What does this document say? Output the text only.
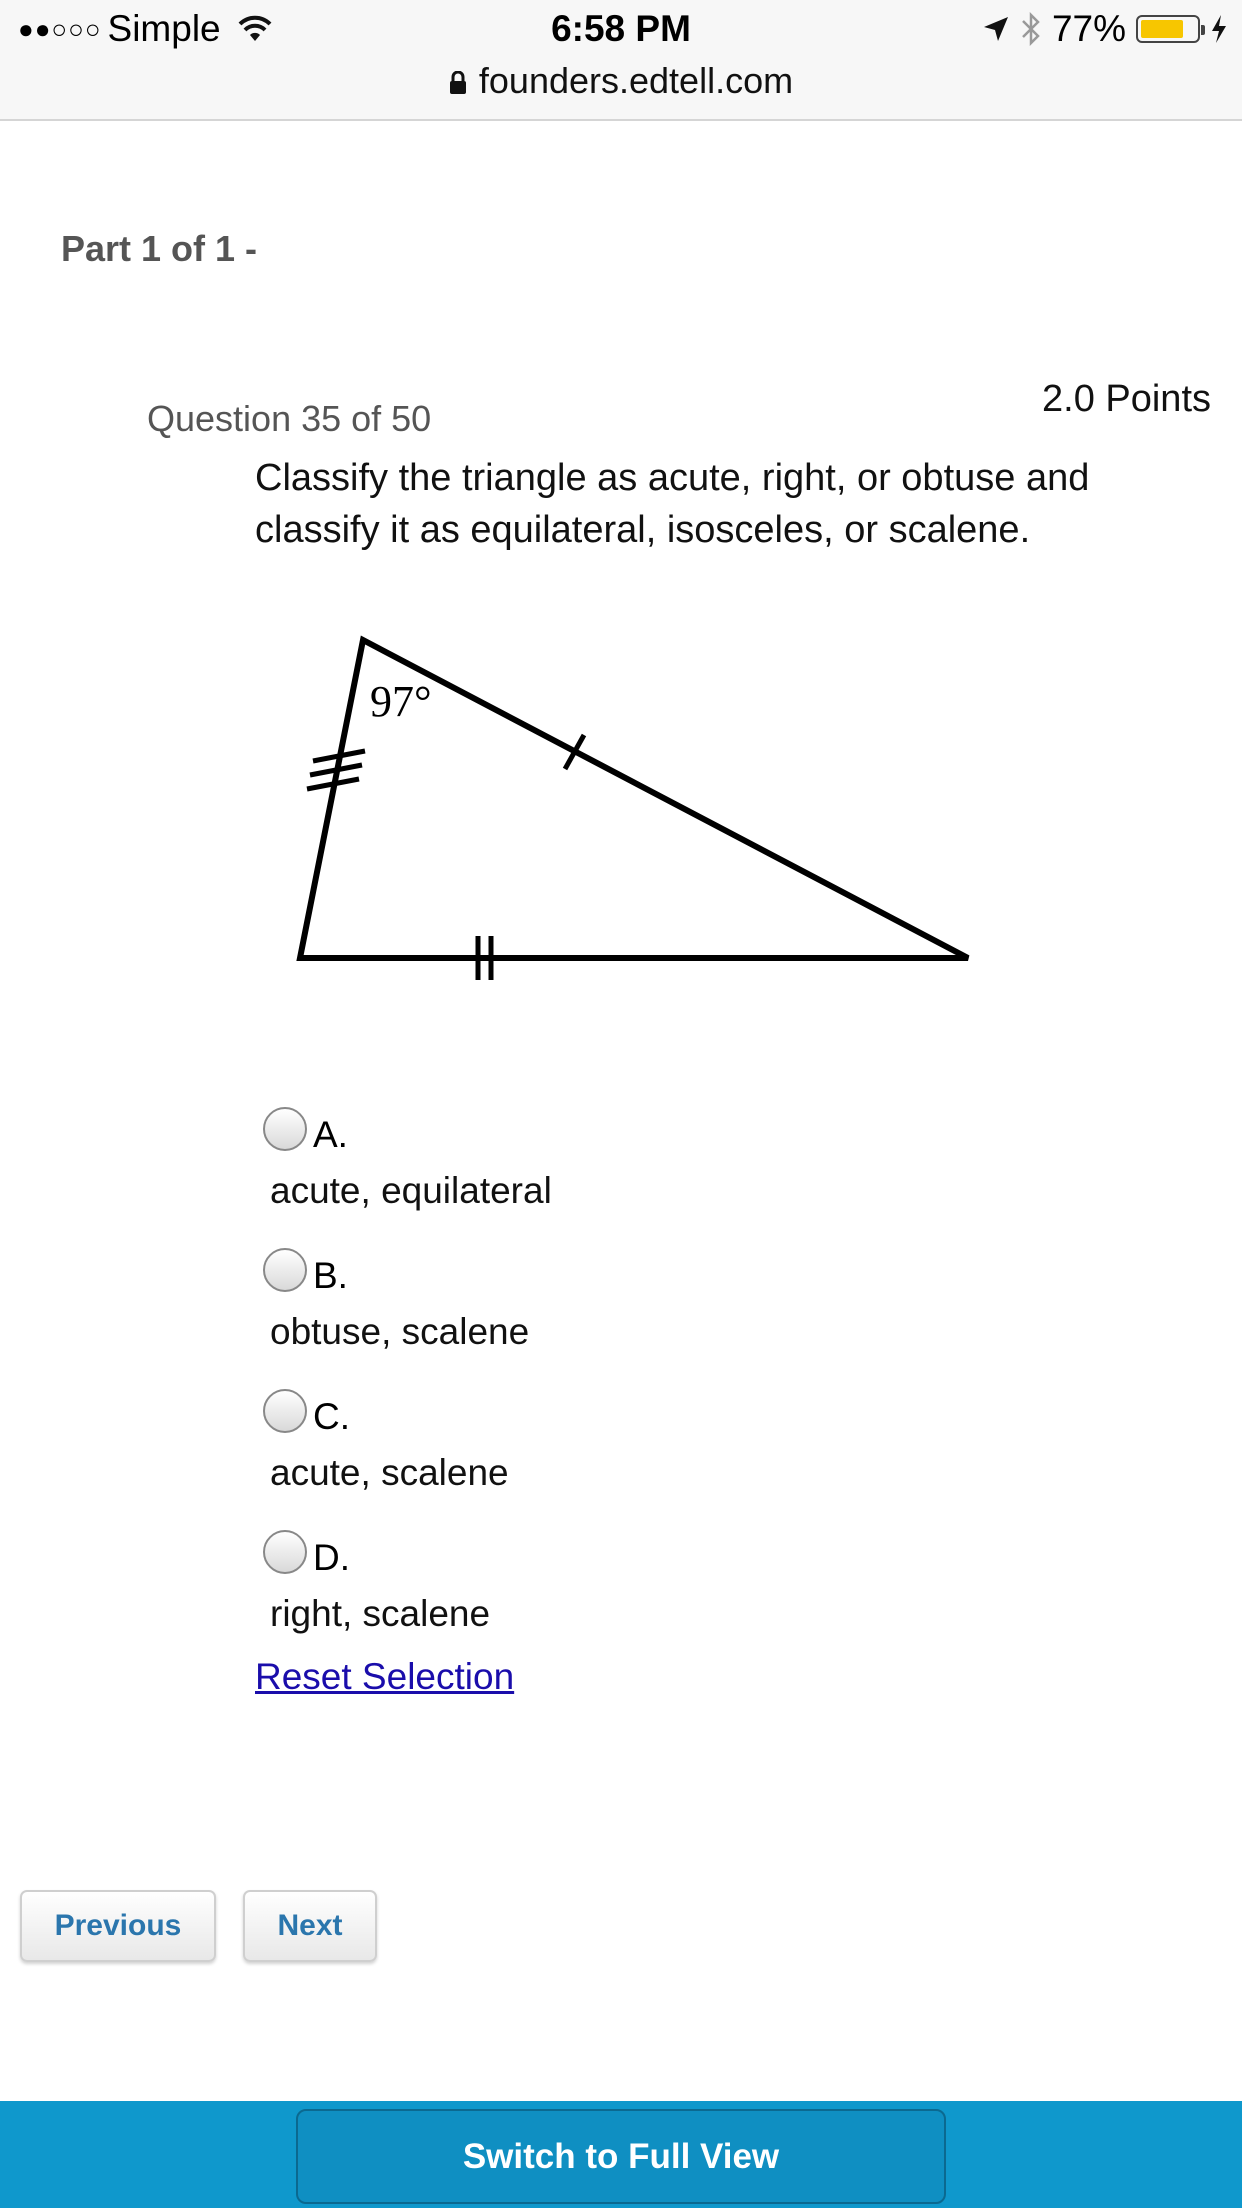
●●○○○ Simple	6:58 PM	77%
founders.edtell.com
Part 1 of 1 -
Question 35 of 50	2.0 Points
Classify the triangle as acute, right, or obtuse and classify it as equilateral, isosceles, or scalene.
97°
A.
acute, equilateral
B.
obtuse, scalene
C.
acute, scalene
D.
right, scalene
Reset Selection
Previous	Next
Switch to Full View
